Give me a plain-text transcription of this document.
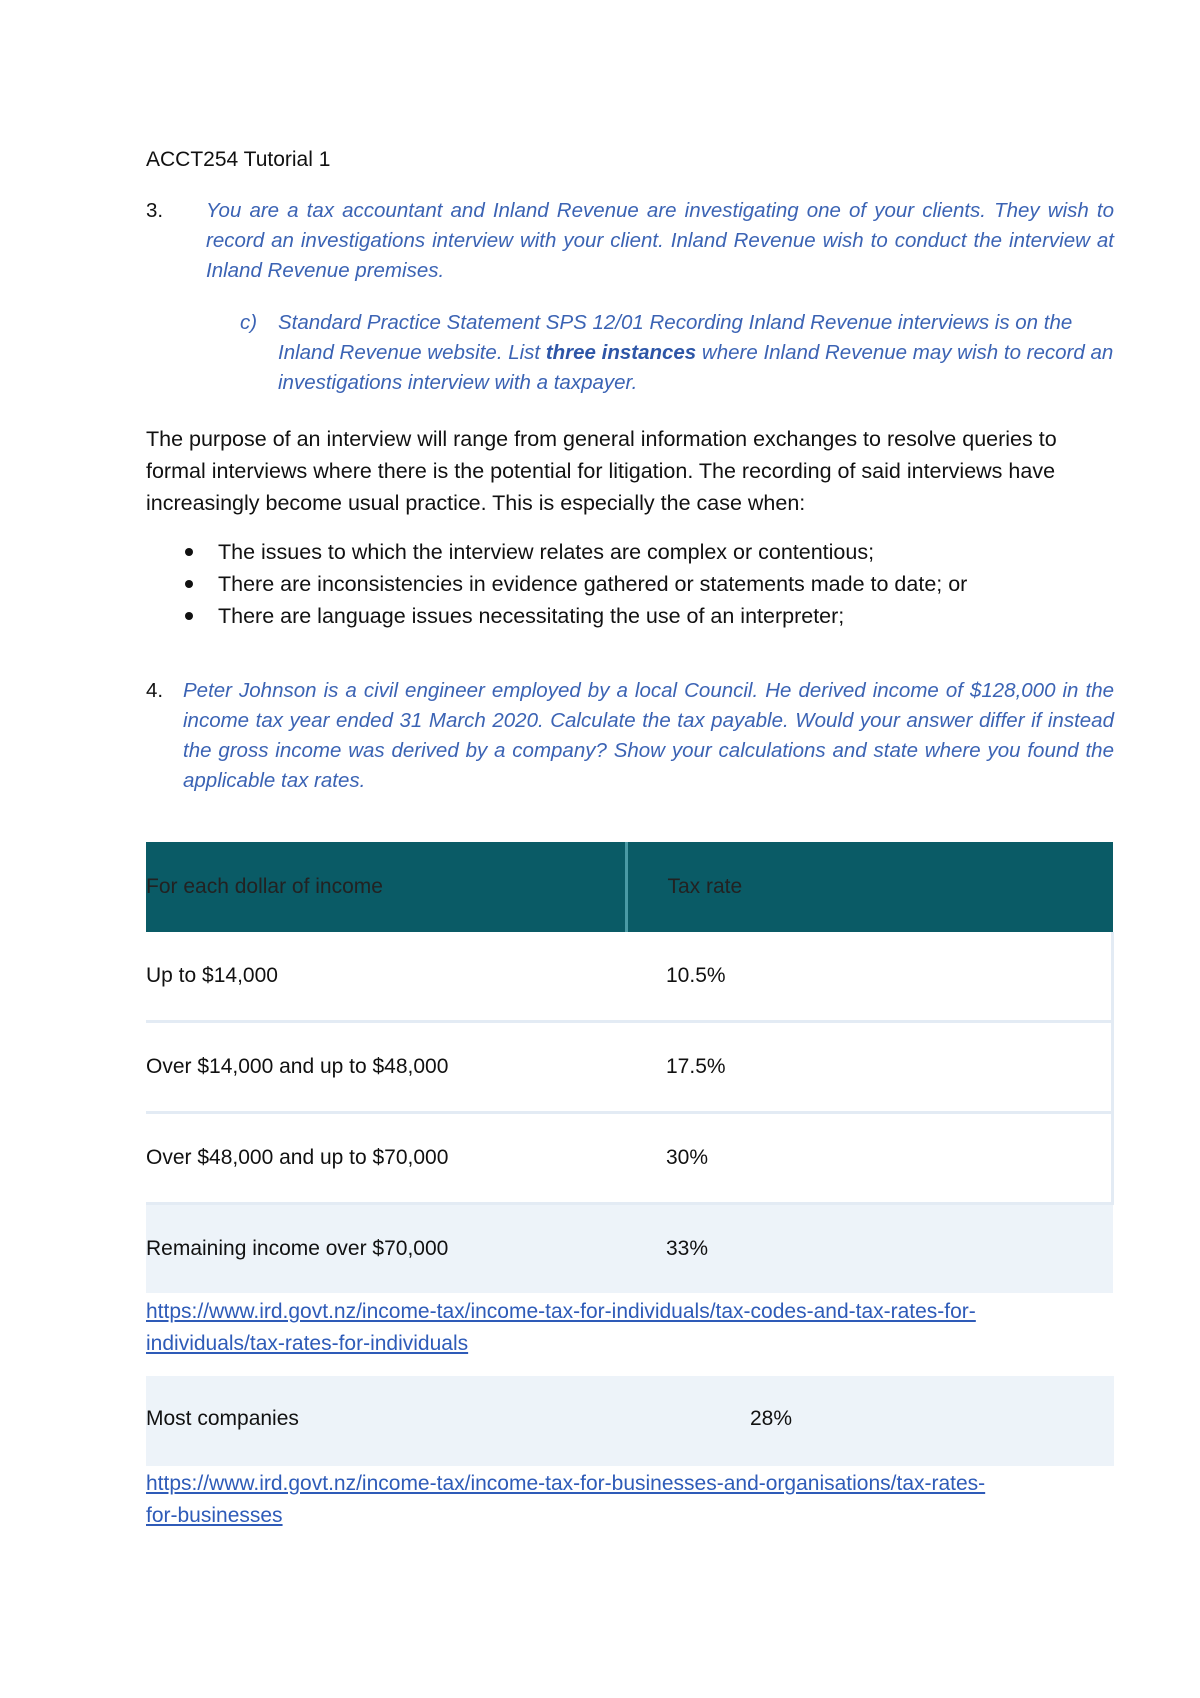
ACCT254 Tutorial 1
3. You are a tax accountant and Inland Revenue are investigating one of your clients. They wish to record an investigations interview with your client. Inland Revenue wish to conduct the interview at Inland Revenue premises.
c) Standard Practice Statement SPS 12/01 Recording Inland Revenue interviews is on the Inland Revenue website. List three instances where Inland Revenue may wish to record an investigations interview with a taxpayer.
The purpose of an interview will range from general information exchanges to resolve queries to formal interviews where there is the potential for litigation. The recording of said interviews have increasingly become usual practice. This is especially the case when:
The issues to which the interview relates are complex or contentious;
There are inconsistencies in evidence gathered or statements made to date; or
There are language issues necessitating the use of an interpreter;
4. Peter Johnson is a civil engineer employed by a local Council. He derived income of $128,000 in the income tax year ended 31 March 2020. Calculate the tax payable. Would your answer differ if instead the gross income was derived by a company? Show your calculations and state where you found the applicable tax rates.
For each dollar of income	Tax rate
Up to $14,000	10.5%
Over $14,000 and up to $48,000	17.5%
Over $48,000 and up to $70,000	30%
Remaining income over $70,000	33%
https://www.ird.govt.nz/income-tax/income-tax-for-individuals/tax-codes-and-tax-rates-for-
individuals/tax-rates-for-individuals
Most companies	28%
https://www.ird.govt.nz/income-tax/income-tax-for-businesses-and-organisations/tax-rates-
for-businesses
